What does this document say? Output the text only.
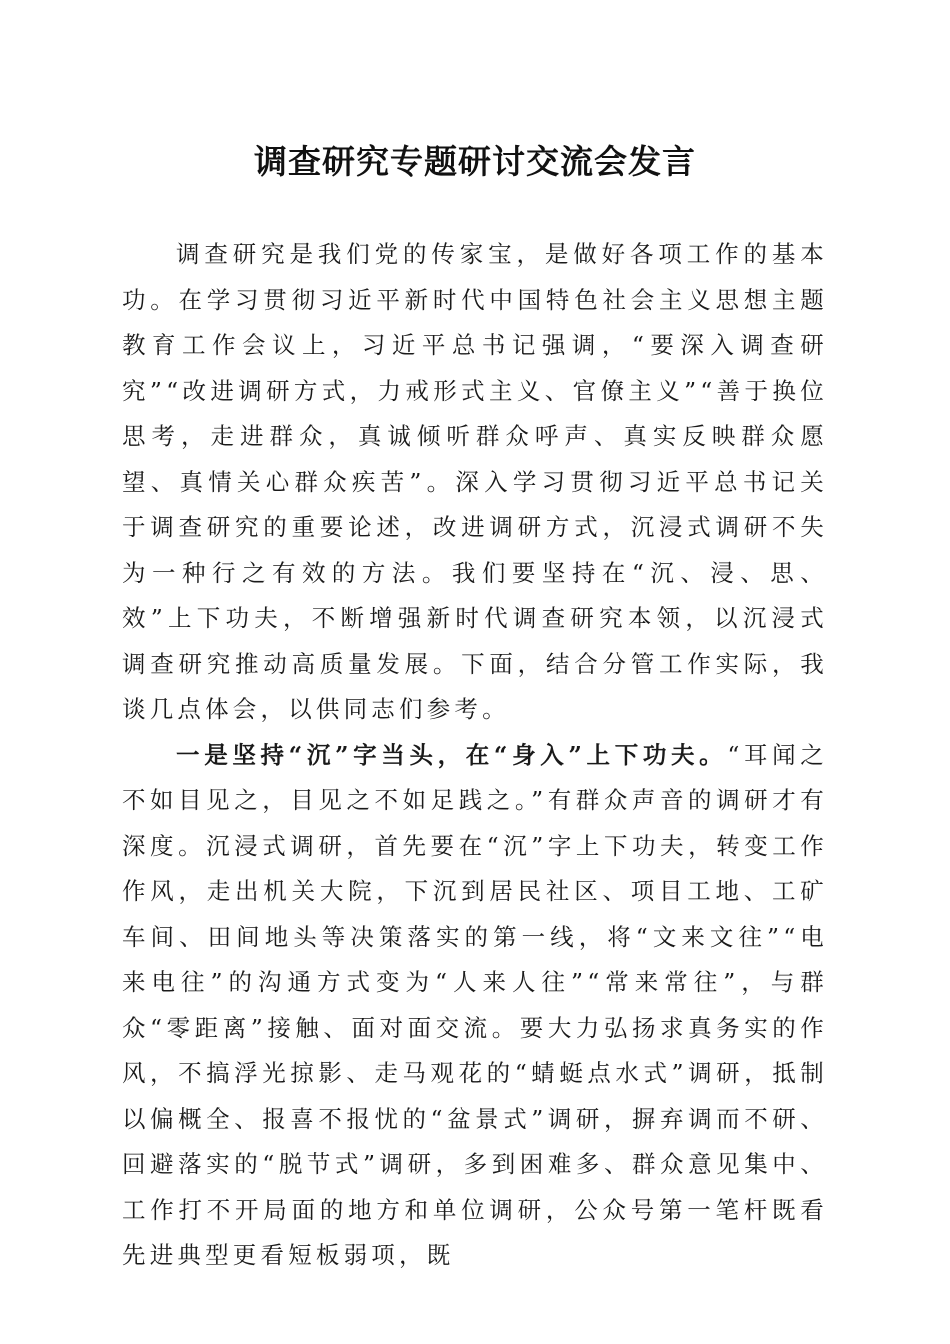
调查研究专题研讨交流会发言

调查研究是我们党的传家宝，是做好各项工作的基本功。在学习贯彻习近平新时代中国特色社会主义思想主题教育工作会议上，习近平总书记强调，“要深入调查研究”“改进调研方式，力戒形式主义、官僚主义”“善于换位思考，走进群众，真诚倾听群众呼声、真实反映群众愿望、真情关心群众疾苦”。深入学习贯彻习近平总书记关于调查研究的重要论述，改进调研方式，沉浸式调研不失为一种行之有效的方法。我们要坚持在“沉、浸、思、效”上下功夫，不断增强新时代调查研究本领，以沉浸式调查研究推动高质量发展。下面，结合分管工作实际，我谈几点体会，以供同志们参考。

一是坚持“沉”字当头，在“身入”上下功夫。“耳闻之不如目见之，目见之不如足践之。”有群众声音的调研才有深度。沉浸式调研，首先要在“沉”字上下功夫，转变工作作风，走出机关大院，下沉到居民社区、项目工地、工矿车间、田间地头等决策落实的第一线，将“文来文往”“电来电往”的沟通方式变为“人来人往”“常来常往”，与群众“零距离”接触、面对面交流。要大力弘扬求真务实的作风，不搞浮光掠影、走马观花的“蜻蜓点水式”调研，抵制以偏概全、报喜不报忧的“盆景式”调研，摒弃调而不研、回避落实的“脱节式”调研，多到困难多、群众意见集中、工作打不开局面的地方和单位调研，公众号第一笔杆既看先进典型更看短板弱项，既
